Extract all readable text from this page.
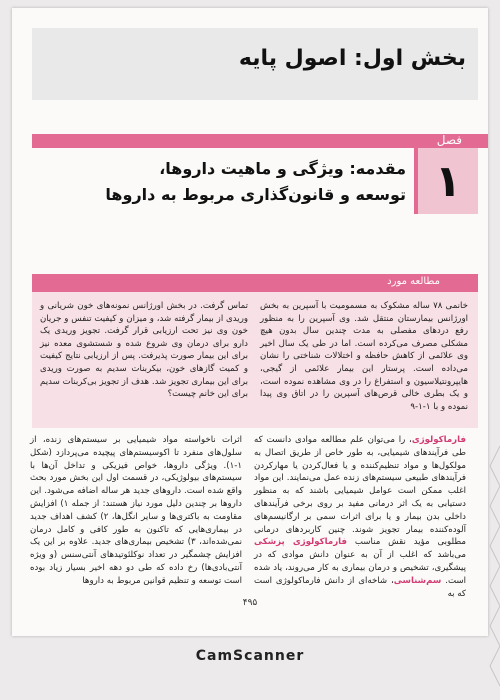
بخش اول: اصول پایه
فصل
۱
مقدمه: ویژگی و ماهیت داروها،
توسعه و قانون‌گذاری مربوط به داروها
مطالعه مورد
خانمی ۷۸ ساله مشکوک به مسمومیت با آسپرین به بخش اورژانس بیمارستان منتقل شد. وی آسپرین را به منظور رفع دردهای مفصلی به مدت چندین سال بدون هیچ مشکلی مصرف می‌کرده است. اما در طی یک سال اخیر وی علائمی از کاهش حافظه و اختلالات شناختی را نشان می‌داده است. پرستار این بیمار علائمی از گیجی، هایپرونتیلاسیون و استفراغ را در وی مشاهده نموده است، و یک بطری خالی قرص‌های آسپرین را در اتاق وی پیدا نموده و با ۱-۱-۹
تماس گرفت. در بخش اورژانس نمونه‌های خون شریانی و وریدی از بیمار گرفته شد، و میزان و کیفیت تنفس و جریان خون وی نیز تحت ارزیابی قرار گرفت. تجویز وریدی یک دارو برای درمان وی شروع شده و شستشوی معده نیز برای این بیمار صورت پذیرفت. پس از ارزیابی نتایج کیفیت و کمیت گازهای خون، بیکربنات سدیم به صورت وریدی برای این بیماری تجویز شد. هدف از تجویز بی‌کربنات سدیم برای این خانم چیست؟
فارماکولوژی، را می‌توان علم مطالعه موادی دانست که طی فرآیندهای شیمیایی، به طور خاص از طریق اتصال به مولکول‌ها و مواد تنظیم‌کننده و یا فعال‌کردن یا مهارکردن فرآیندهای طبیعی سیستم‌های زنده عمل می‌نمایند. این مواد اغلب ممکن است عوامل شیمیایی باشند که به منظور دستیابی به یک اثر درمانی مفید بر روی برخی فرآیندهای داخلی بدن بیمار و یا برای اثرات سمی بر ارگانیسم‌های آلوده‌کننده بیمار تجویز شوند. چنین کاربردهای درمانی مطلوبی مؤید نقش مناسب فارماکولوژی پزشکی می‌باشد که اغلب از آن به عنوان دانش موادی که در پیشگیری، تشخیص و درمان بیماری به کار می‌روند، یاد شده است. سم‌شناسی، شاخه‌ای از دانش فارماکولوژی است که به
اثرات ناخواسته مواد شیمیایی بر سیستم‌های زنده، از سلول‌های منفرد تا اکوسیستم‌های پیچیده می‌پردازد (شکل ۱-۱). ویژگی داروها، خواص فیزیکی و تداخل آن‌ها با سیستم‌های بیولوژیکی، در قسمت اول این بخش مورد بحث واقع شده است. داروهای جدید هر ساله اضافه می‌شود. این داروها بر چندین دلیل مورد نیاز هستند: از جمله ۱) افزایش مقاومت به باکتری‌ها و سایر انگل‌ها، ۲) کشف اهداف جدید در بیماری‌هایی که تاکنون به طور کافی و کامل درمان نمی‌شده‌اند، ۳) تشخیص بیماری‌های جدید. علاوه بر این یک افزایش چشمگیر در تعداد نوکلئوتیدهای آنتی‌سنس (و ویژه آنتی‌بادی‌ها) رخ داده که طی دو دهه اخیر بسیار زیاد بوده است توسعه و تنظیم قوانین مربوط به داروها
۴۹۵
CamScanner
